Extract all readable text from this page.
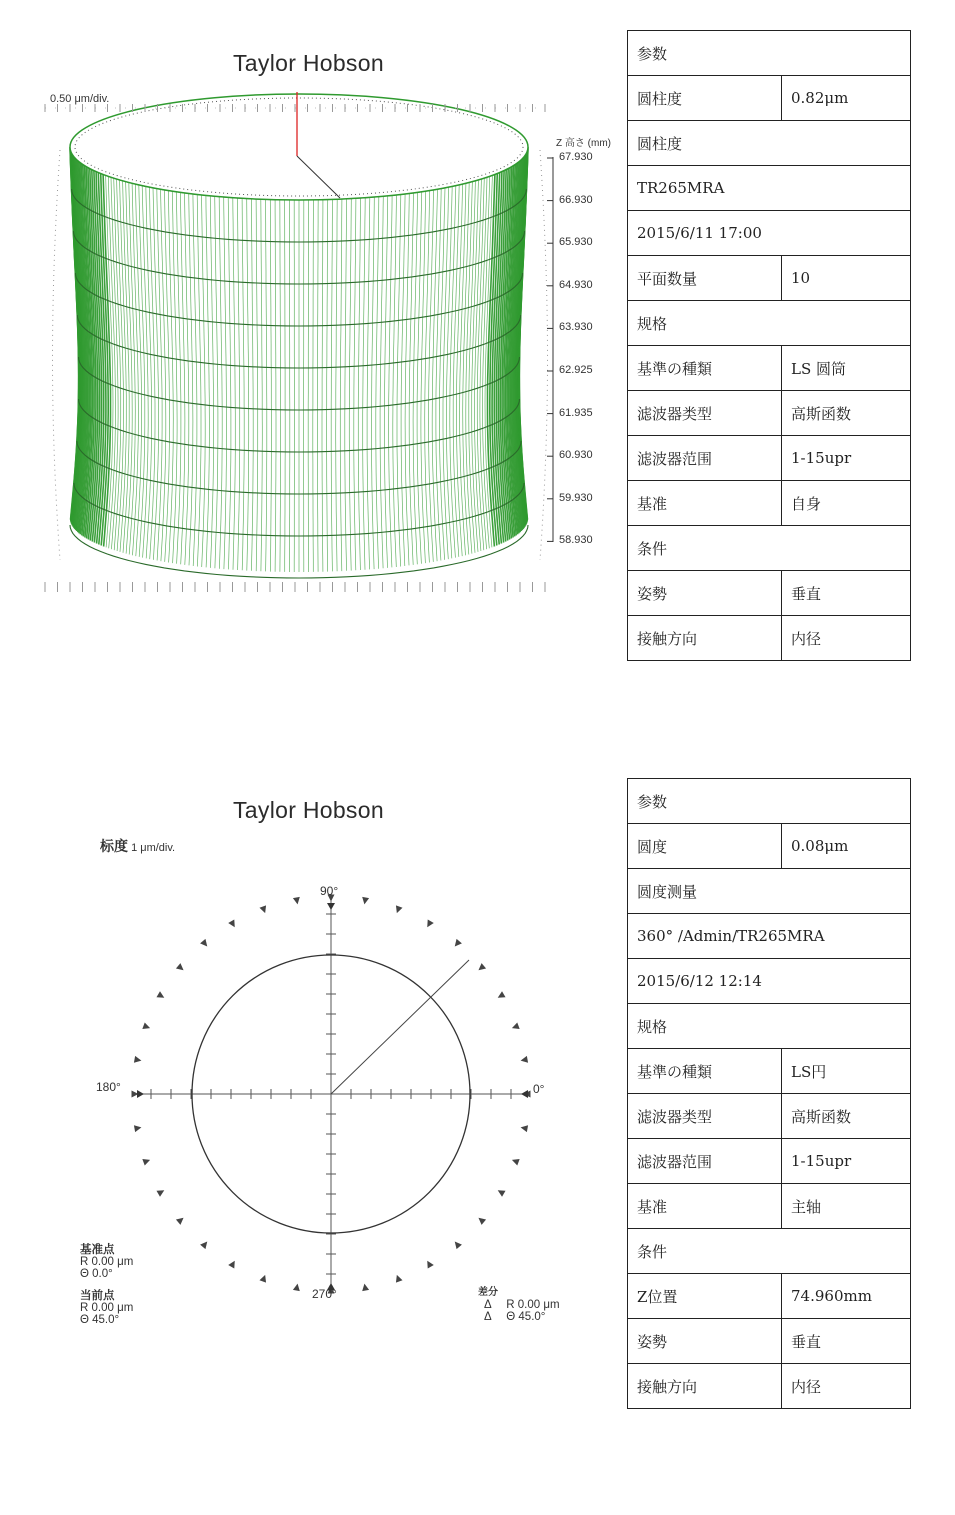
Taylor Hobson
0.50 μm/div.
Z 高さ (mm)
67.930
66.930
65.930
64.930
63.930
62.925
61.935
60.930
59.930
58.930
参数	
圆柱度	0.82μm
圆柱度	
TR265MRA	
2015/6/11 17:00	
平面数量	10
规格	
基準の種類	LS 圆筒
滤波器类型	高斯函数
滤波器范围	1-15upr
基准	自身
条件	
姿勢	垂直
接触方向	内径
Taylor Hobson
标度 1 μm/div.
90°
180°	0°
270°
基准点
R 0.00 μm
Θ 0.0°
当前点
R 0.00 μm
Θ 45.0°
差分
Δ R 0.00 μm
Δ Θ 45.0°
参数	
圆度	0.08μm
圆度测量	
360° /Admin/TR265MRA	
2015/6/12 12:14	
规格	
基準の種類	LS円
滤波器类型	高斯函数
滤波器范围	1-15upr
基准	主轴
条件	
Z位置	74.960mm
姿勢	垂直
接触方向	内径
